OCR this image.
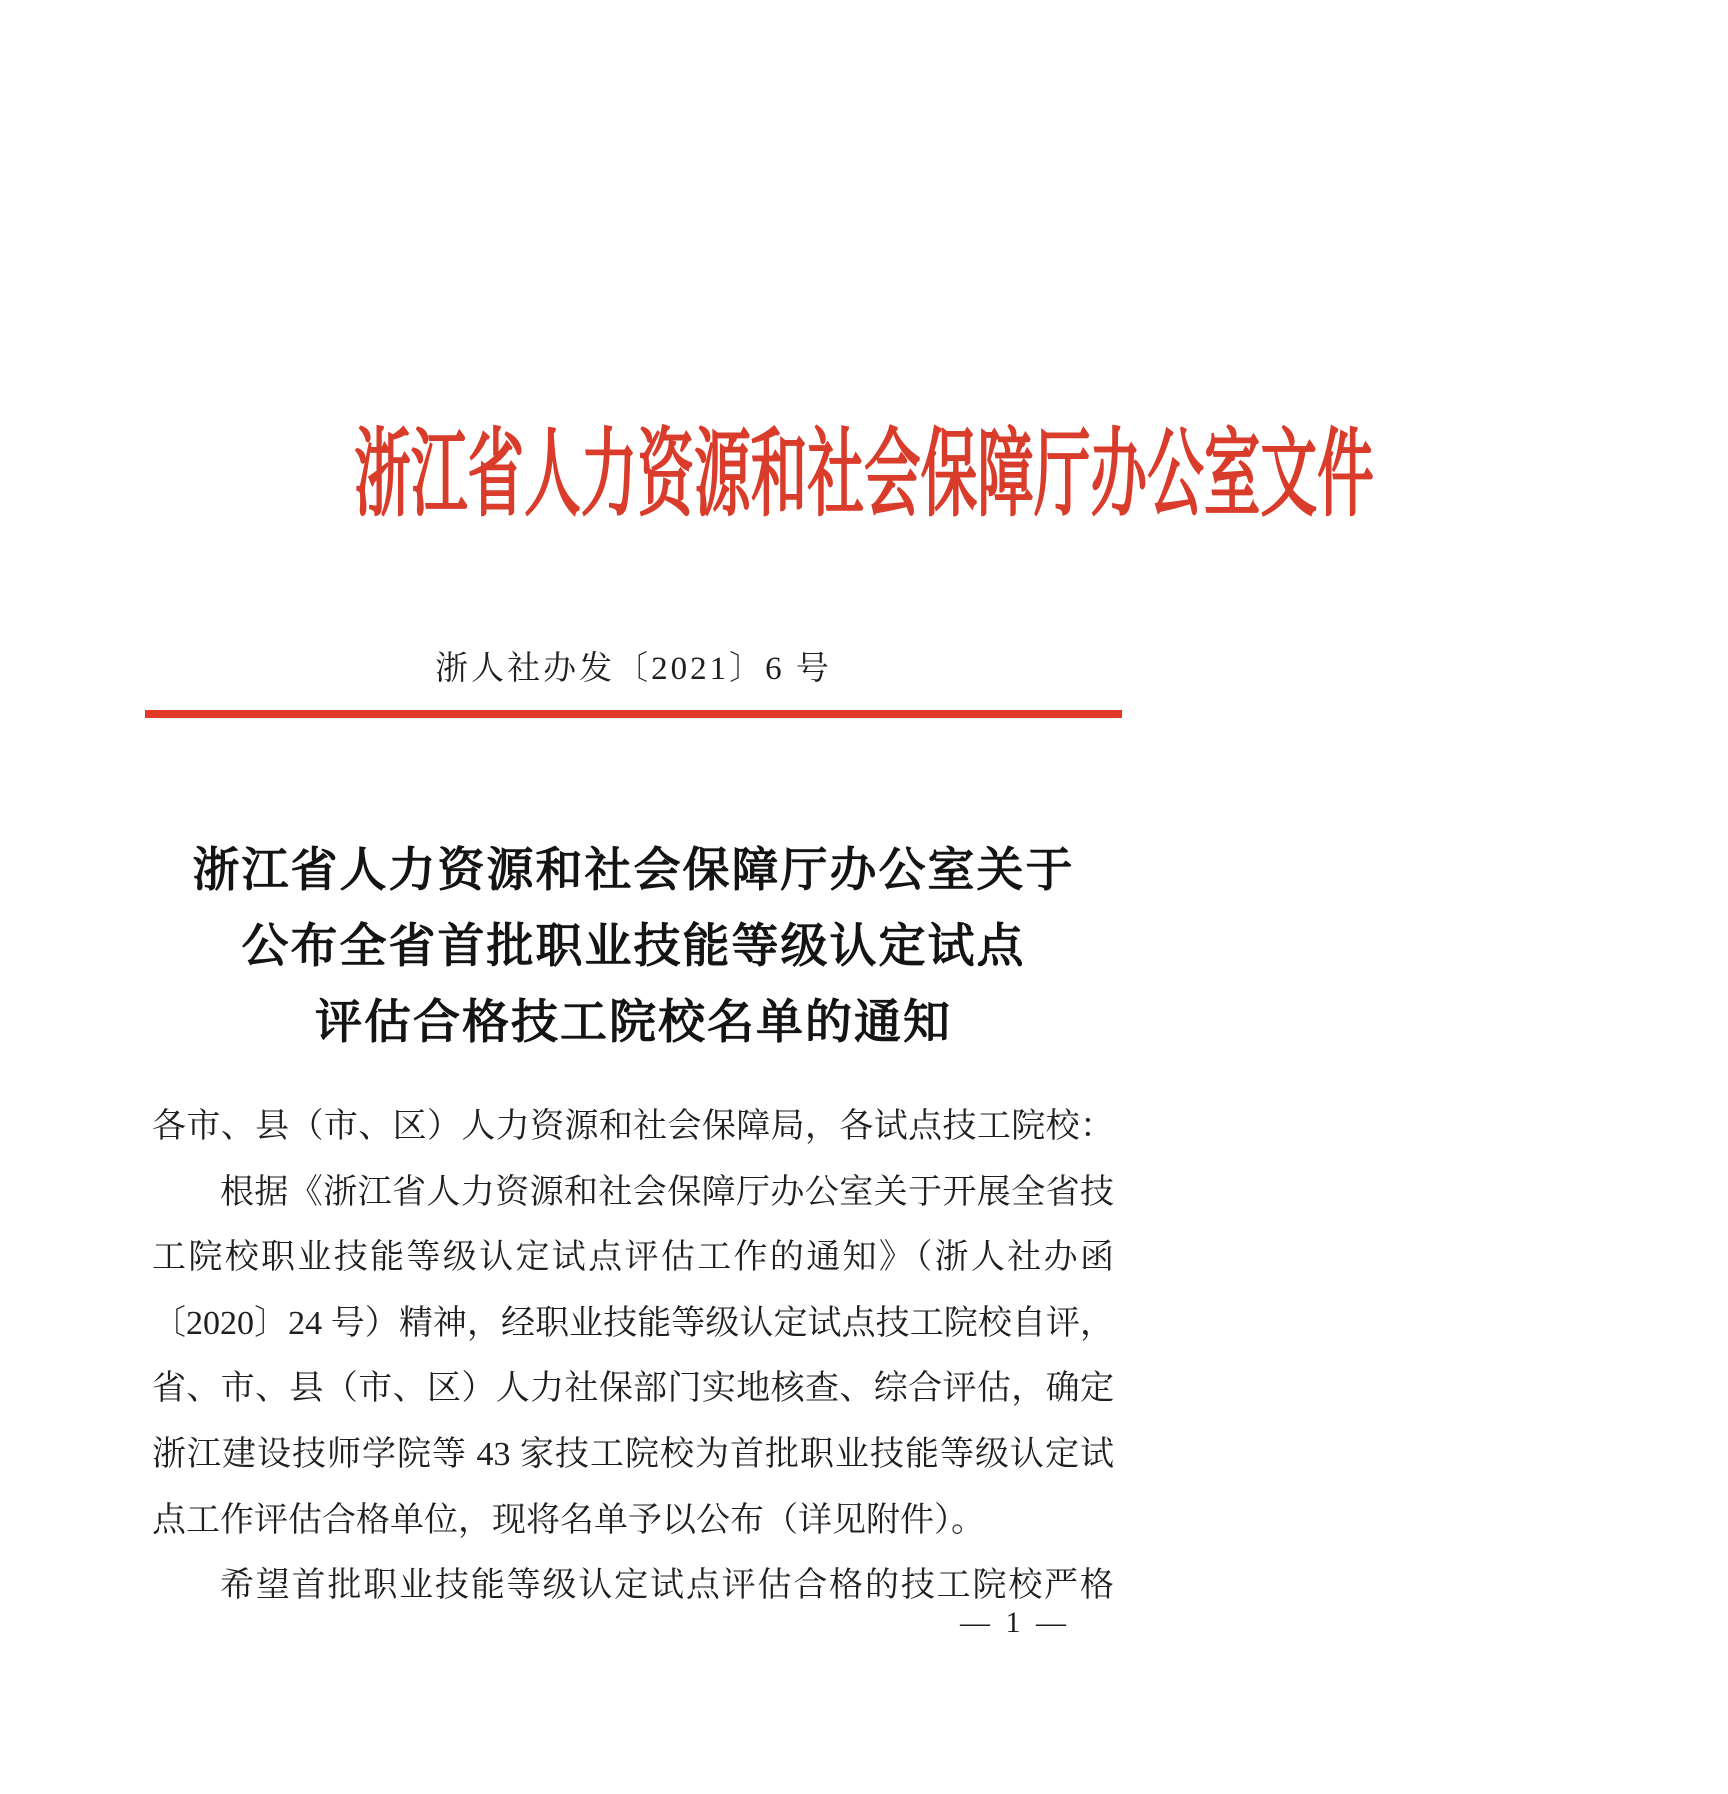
浙江省人力资源和社会保障厅办公室文件
浙人社办发〔2021〕6 号
浙江省人力资源和社会保障厅办公室关于
公布全省首批职业技能等级认定试点
评估合格技工院校名单的通知
各市、县（市、区）人力资源和社会保障局，各试点技工院校：
根据《浙江省人力资源和社会保障厅办公室关于开展全省技
工院校职业技能等级认定试点评估工作的通知》（浙人社办函
〔2020〕24 号）精神，经职业技能等级认定试点技工院校自评，
省、市、县（市、区）人力社保部门实地核查、综合评估，确定
浙江建设技师学院等 43 家技工院校为首批职业技能等级认定试
点工作评估合格单位，现将名单予以公布（详见附件）。
希望首批职业技能等级认定试点评估合格的技工院校严格
— 1 —
